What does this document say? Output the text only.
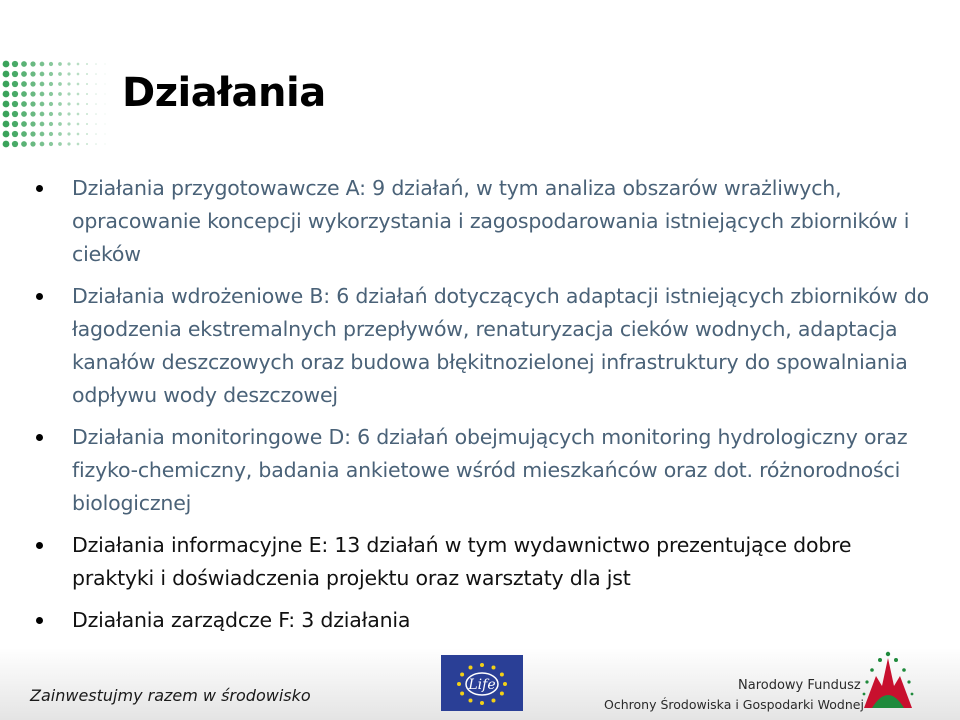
Działania
Działania przygotowawcze A: 9 działań, w tym analiza obszarów wrażliwych, opracowanie koncepcji wykorzystania i zagospodarowania istniejących zbiorników i cieków
Działania wdrożeniowe B: 6 działań dotyczących adaptacji istniejących zbiorników do łagodzenia ekstremalnych przepływów, renaturyzacja cieków wodnych, adaptacja kanałów deszczowych oraz budowa błękitnozielonej infrastruktury do spowalniania odpływu wody deszczowej
Działania monitoringowe D: 6 działań obejmujących monitoring hydrologiczny oraz fizyko-chemiczny, badania ankietowe wśród mieszkańców oraz dot. różnorodności biologicznej
Działania informacyjne E: 13 działań w tym wydawnictwo prezentujące dobre praktyki i doświadczenia projektu oraz warsztaty dla jst
Działania zarządcze F: 3 działania
Zainwestujmy razem w środowisko
Life	Narodowy Fundusz
Ochrony Środowiska i Gospodarki Wodnej
